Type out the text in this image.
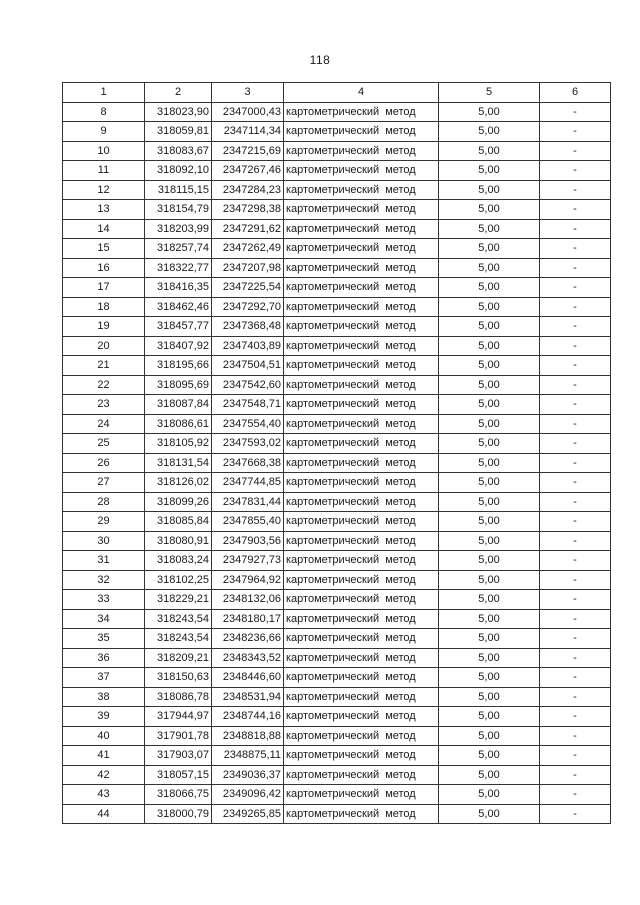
118
1	2	3	4	5	6
8	318023,90	2347000,43	картометрический метод	5,00	-
9	318059,81	2347114,34	картометрический метод	5,00	-
10	318083,67	2347215,69	картометрический метод	5,00	-
11	318092,10	2347267,46	картометрический метод	5,00	-
12	318115,15	2347284,23	картометрический метод	5,00	-
13	318154,79	2347298,38	картометрический метод	5,00	-
14	318203,99	2347291,62	картометрический метод	5,00	-
15	318257,74	2347262,49	картометрический метод	5,00	-
16	318322,77	2347207,98	картометрический метод	5,00	-
17	318416,35	2347225,54	картометрический метод	5,00	-
18	318462,46	2347292,70	картометрический метод	5,00	-
19	318457,77	2347368,48	картометрический метод	5,00	-
20	318407,92	2347403,89	картометрический метод	5,00	-
21	318195,66	2347504,51	картометрический метод	5,00	-
22	318095,69	2347542,60	картометрический метод	5,00	-
23	318087,84	2347548,71	картометрический метод	5,00	-
24	318086,61	2347554,40	картометрический метод	5,00	-
25	318105,92	2347593,02	картометрический метод	5,00	-
26	318131,54	2347668,38	картометрический метод	5,00	-
27	318126,02	2347744,85	картометрический метод	5,00	-
28	318099,26	2347831,44	картометрический метод	5,00	-
29	318085,84	2347855,40	картометрический метод	5,00	-
30	318080,91	2347903,56	картометрический метод	5,00	-
31	318083,24	2347927,73	картометрический метод	5,00	-
32	318102,25	2347964,92	картометрический метод	5,00	-
33	318229,21	2348132,06	картометрический метод	5,00	-
34	318243,54	2348180,17	картометрический метод	5,00	-
35	318243,54	2348236,66	картометрический метод	5,00	-
36	318209,21	2348343,52	картометрический метод	5,00	-
37	318150,63	2348446,60	картометрический метод	5,00	-
38	318086,78	2348531,94	картометрический метод	5,00	-
39	317944,97	2348744,16	картометрический метод	5,00	-
40	317901,78	2348818,88	картометрический метод	5,00	-
41	317903,07	2348875,11	картометрический метод	5,00	-
42	318057,15	2349036,37	картометрический метод	5,00	-
43	318066,75	2349096,42	картометрический метод	5,00	-
44	318000,79	2349265,85	картометрический метод	5,00	-
